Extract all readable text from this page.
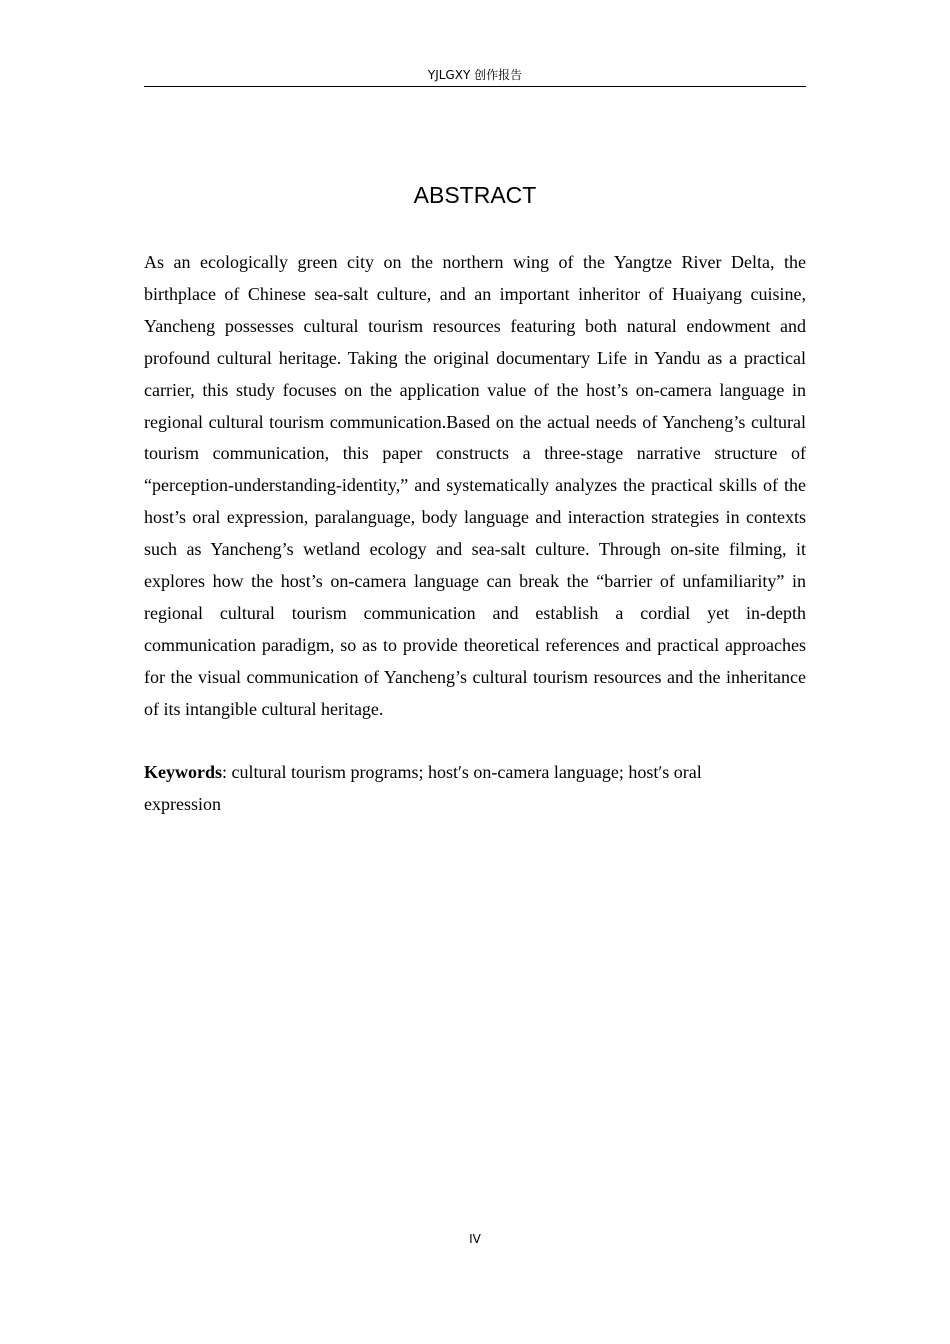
YJLGXY 创作报告
ABSTRACT

As an ecologically green city on the northern wing of the Yangtze River Delta, the birthplace of Chinese sea-salt culture, and an important inheritor of Huaiyang cuisine, Yancheng possesses cultural tourism resources featuring both natural endowment and profound cultural heritage. Taking the original documentary Life in Yandu as a practical carrier, this study focuses on the application value of the host’s on-camera language in regional cultural tourism communication.Based on the actual needs of Yancheng’s cultural tourism communication, this paper constructs a three-stage narrative structure of “perception-understanding-identity,” and systematically analyzes the practical skills of the host’s oral expression, paralanguage, body language and interaction strategies in contexts such as Yancheng’s wetland ecology and sea-salt culture. Through on-site filming, it explores how the host’s on-camera language can break the “barrier of unfamiliarity” in regional cultural tourism communication and establish a cordial yet in-depth communication paradigm, so as to provide theoretical references and practical approaches for the visual communication of Yancheng’s cultural tourism resources and the inheritance of its intangible cultural heritage.

Keywords: cultural tourism programs; hostʹs on-camera language; hostʹs oral expression

IV
